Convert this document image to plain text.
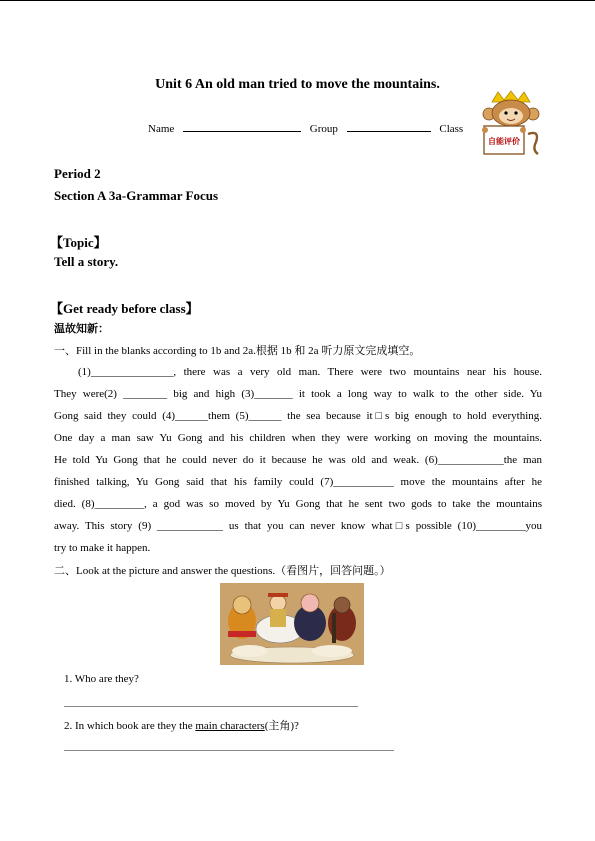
Unit 6 An old man tried to move the mountains.
Name	Group	Class
自能评价
Period 2
Section A 3a-Grammar Focus
【Topic】
Tell a story.
【Get ready before class】
温故知新：
一、Fill in the blanks according to 1b and 2a.根据 1b 和 2a 听力原文完成填空。
(1)_______________, there was a very old man. There were two mountains near his house.
They were(2) ________ big and high (3)_______ it took a long way to walk to the other side. Yu
Gong said they could (4)______them (5)______ the sea because it□s big enough to hold everything.
One day a man saw Yu Gong and his children when they were working on moving the mountains.
He told Yu Gong that he could never do it because he was old and weak. (6)____________the man
finished talking, Yu Gong said that his family could (7)___________ move the mountains after he
died. (8)_________, a god was so moved by Yu Gong that he sent two gods to take the mountains
away. This story (9) ____________ us that you can never know what□s possible (10)_________you
try to make it happen.
二、Look at the picture and answer the questions.（看图片，回答问题。）
1. Who are they?
2. In which book are they the main characters(主角)?
